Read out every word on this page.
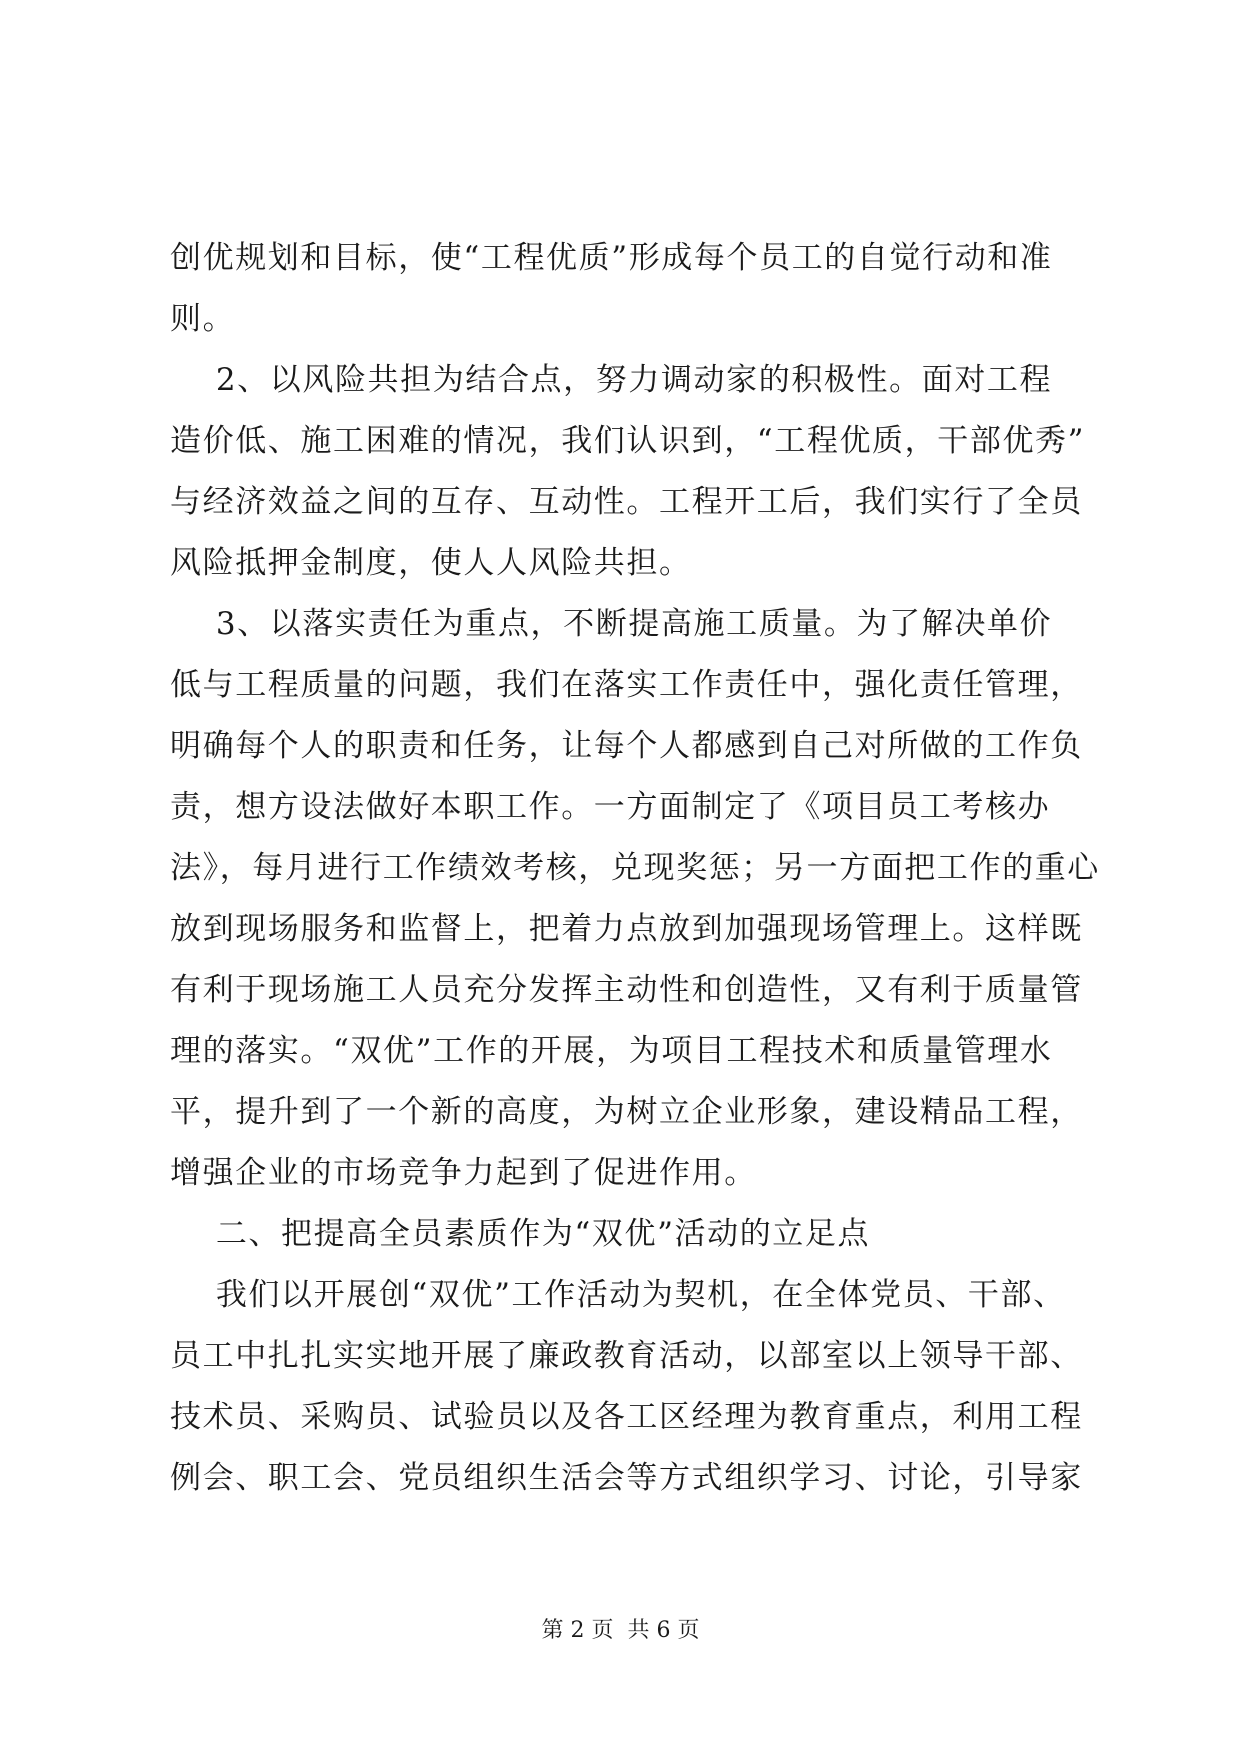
创优规划和目标，使“工程优质”形成每个员工的自觉行动和准
则。
2、以风险共担为结合点，努力调动家的积极性。面对工程
造价低、施工困难的情况，我们认识到，“工程优质，干部优秀”
与经济效益之间的互存、互动性。工程开工后，我们实行了全员
风险抵押金制度，使人人风险共担。
3、以落实责任为重点，不断提高施工质量。为了解决单价
低与工程质量的问题，我们在落实工作责任中，强化责任管理，
明确每个人的职责和任务，让每个人都感到自己对所做的工作负
责，想方设法做好本职工作。一方面制定了《项目员工考核办
法》，每月进行工作绩效考核，兑现奖惩；另一方面把工作的重心
放到现场服务和监督上，把着力点放到加强现场管理上。这样既
有利于现场施工人员充分发挥主动性和创造性，又有利于质量管
理的落实。“双优”工作的开展，为项目工程技术和质量管理水
平，提升到了一个新的高度，为树立企业形象，建设精品工程，
增强企业的市场竞争力起到了促进作用。
二、把提高全员素质作为“双优”活动的立足点
我们以开展创“双优”工作活动为契机，在全体党员、干部、
员工中扎扎实实地开展了廉政教育活动，以部室以上领导干部、
技术员、采购员、试验员以及各工区经理为教育重点，利用工程
例会、职工会、党员组织生活会等方式组织学习、讨论，引导家
第 2 页  共 6 页
